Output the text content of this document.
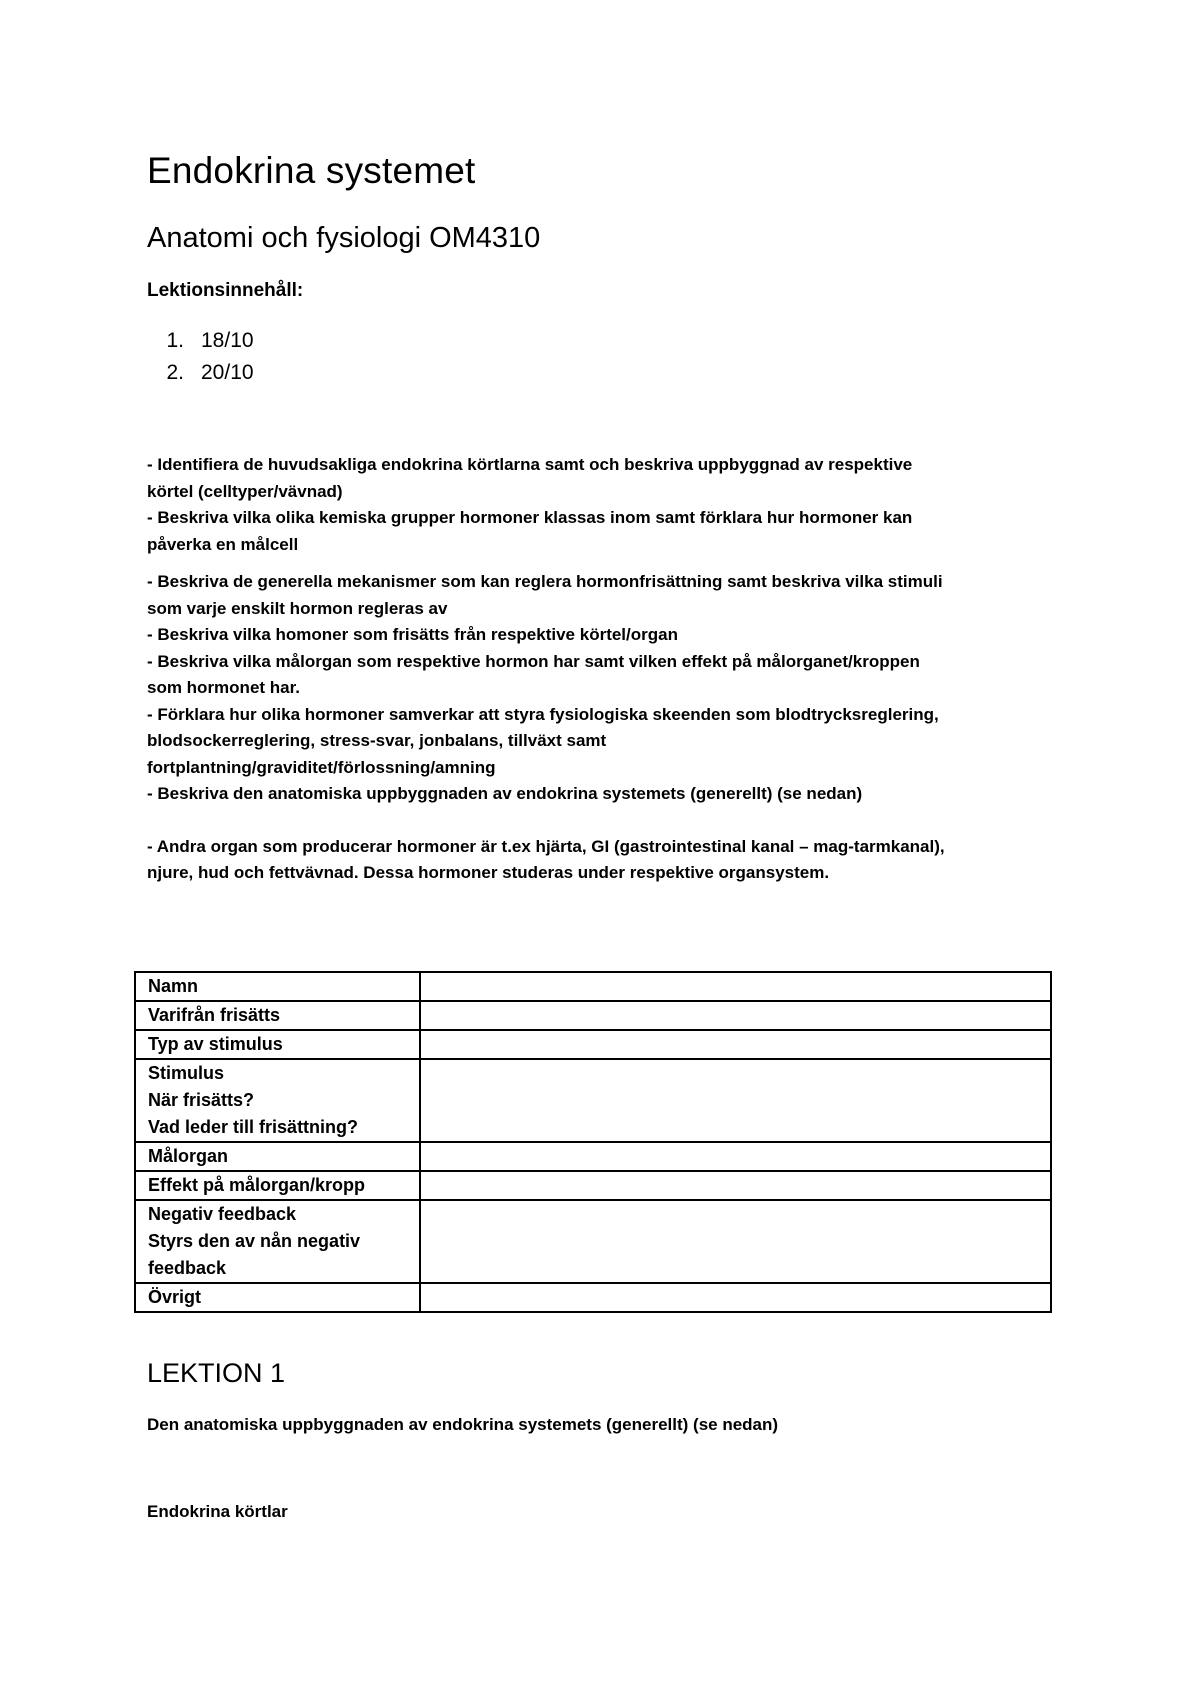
Endokrina systemet
Anatomi och fysiologi OM4310
Lektionsinnehåll:
1. 18/10
2. 20/10

- Identifiera de huvudsakliga endokrina körtlarna samt och beskriva uppbyggnad av respektive körtel (celltyper/vävnad)

- Beskriva vilka olika kemiska grupper hormoner klassas inom samt förklara hur hormoner kan påverka en målcell

- Beskriva de generella mekanismer som kan reglera hormonfrisättning samt beskriva vilka stimuli som varje enskilt hormon regleras av

- Beskriva vilka homoner som frisätts från respektive körtel/organ

- Beskriva vilka målorgan som respektive hormon har samt vilken effekt på målorganet/kroppen som hormonet har.

- Förklara hur olika hormoner samverkar att styra fysiologiska skeenden som blodtrycksreglering, blodsockerreglering, stress-svar, jonbalans, tillväxt samt fortplantning/graviditet/förlossning/amning

- Beskriva den anatomiska uppbyggnaden av endokrina systemets (generellt) (se nedan)

- Andra organ som producerar hormoner är t.ex hjärta, GI (gastrointestinal kanal – mag-tarmkanal), njure, hud och fettvävnad. Dessa hormoner studeras under respektive organsystem.

Namn	

Varifrån frisätts	

Typ av stimulus	

Stimulus
När frisätts?
Vad leder till frisättning?	

Målorgan	

Effekt på målorgan/kropp	

Negativ feedback
Styrs den av nån negativ
feedback	

Övrigt	

LEKTION 1
Den anatomiska uppbyggnaden av endokrina systemets (generellt) (se nedan)
Endokrina körtlar
